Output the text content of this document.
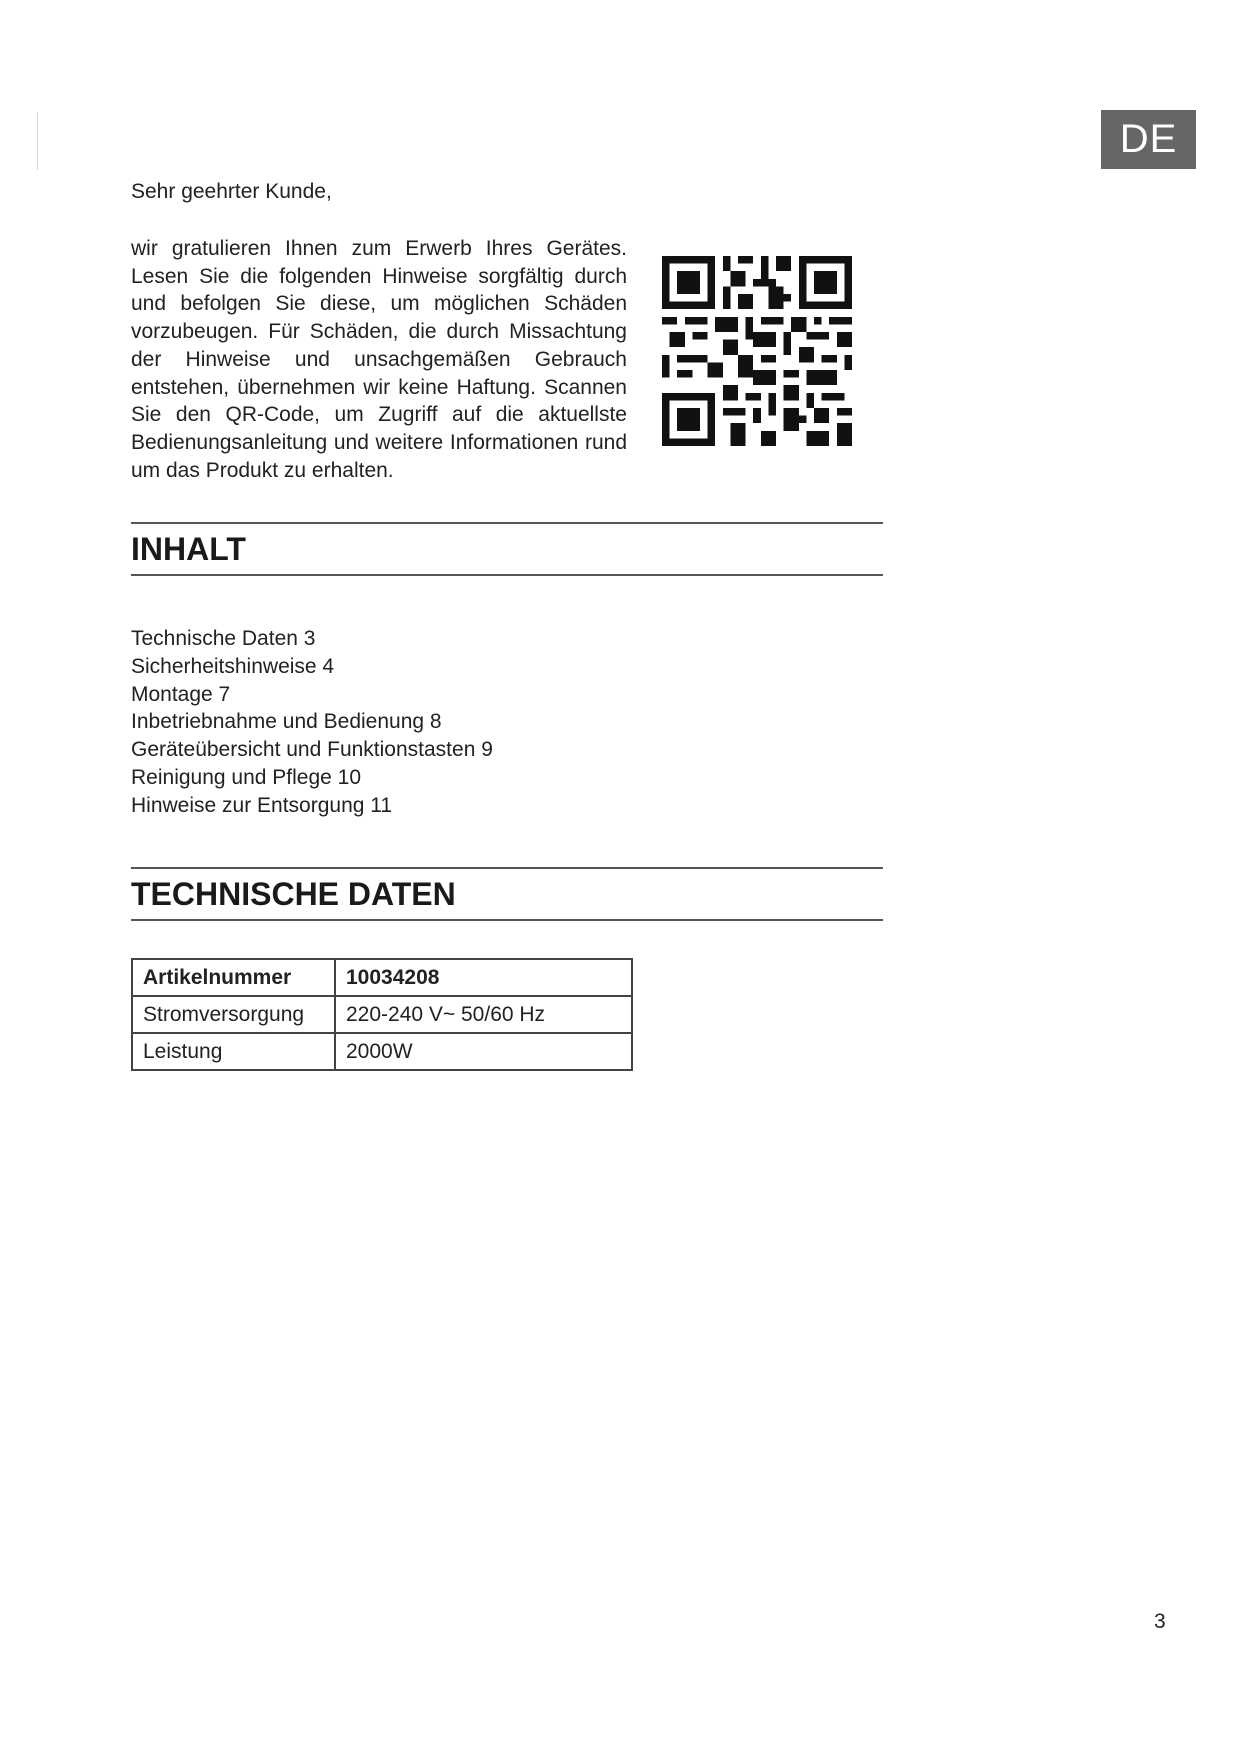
DE
Sehr geehrter Kunde,
wir gratulieren Ihnen zum Erwerb Ihres Gerätes. Lesen Sie die folgenden Hinweise sorgfältig durch und befolgen Sie diese, um möglichen Schäden vorzubeugen. Für Schäden, die durch Missachtung der Hinweise und unsachgemäßen Gebrauch entstehen, übernehmen wir keine Haftung. Scannen Sie den QR-Code, um Zugriff auf die aktuellste Bedienungsanleitung und weitere Informationen rund um das Produkt zu erhalten.
INHALT
Technische Daten 3
Sicherheitshinweise 4
Montage 7
Inbetriebnahme und Bedienung 8
Geräteübersicht und Funktionstasten 9
Reinigung und Pflege 10
Hinweise zur Entsorgung 11
TECHNISCHE DATEN
Artikelnummer	10034208
Stromversorgung	220-240 V~ 50/60 Hz
Leistung	2000W
3
